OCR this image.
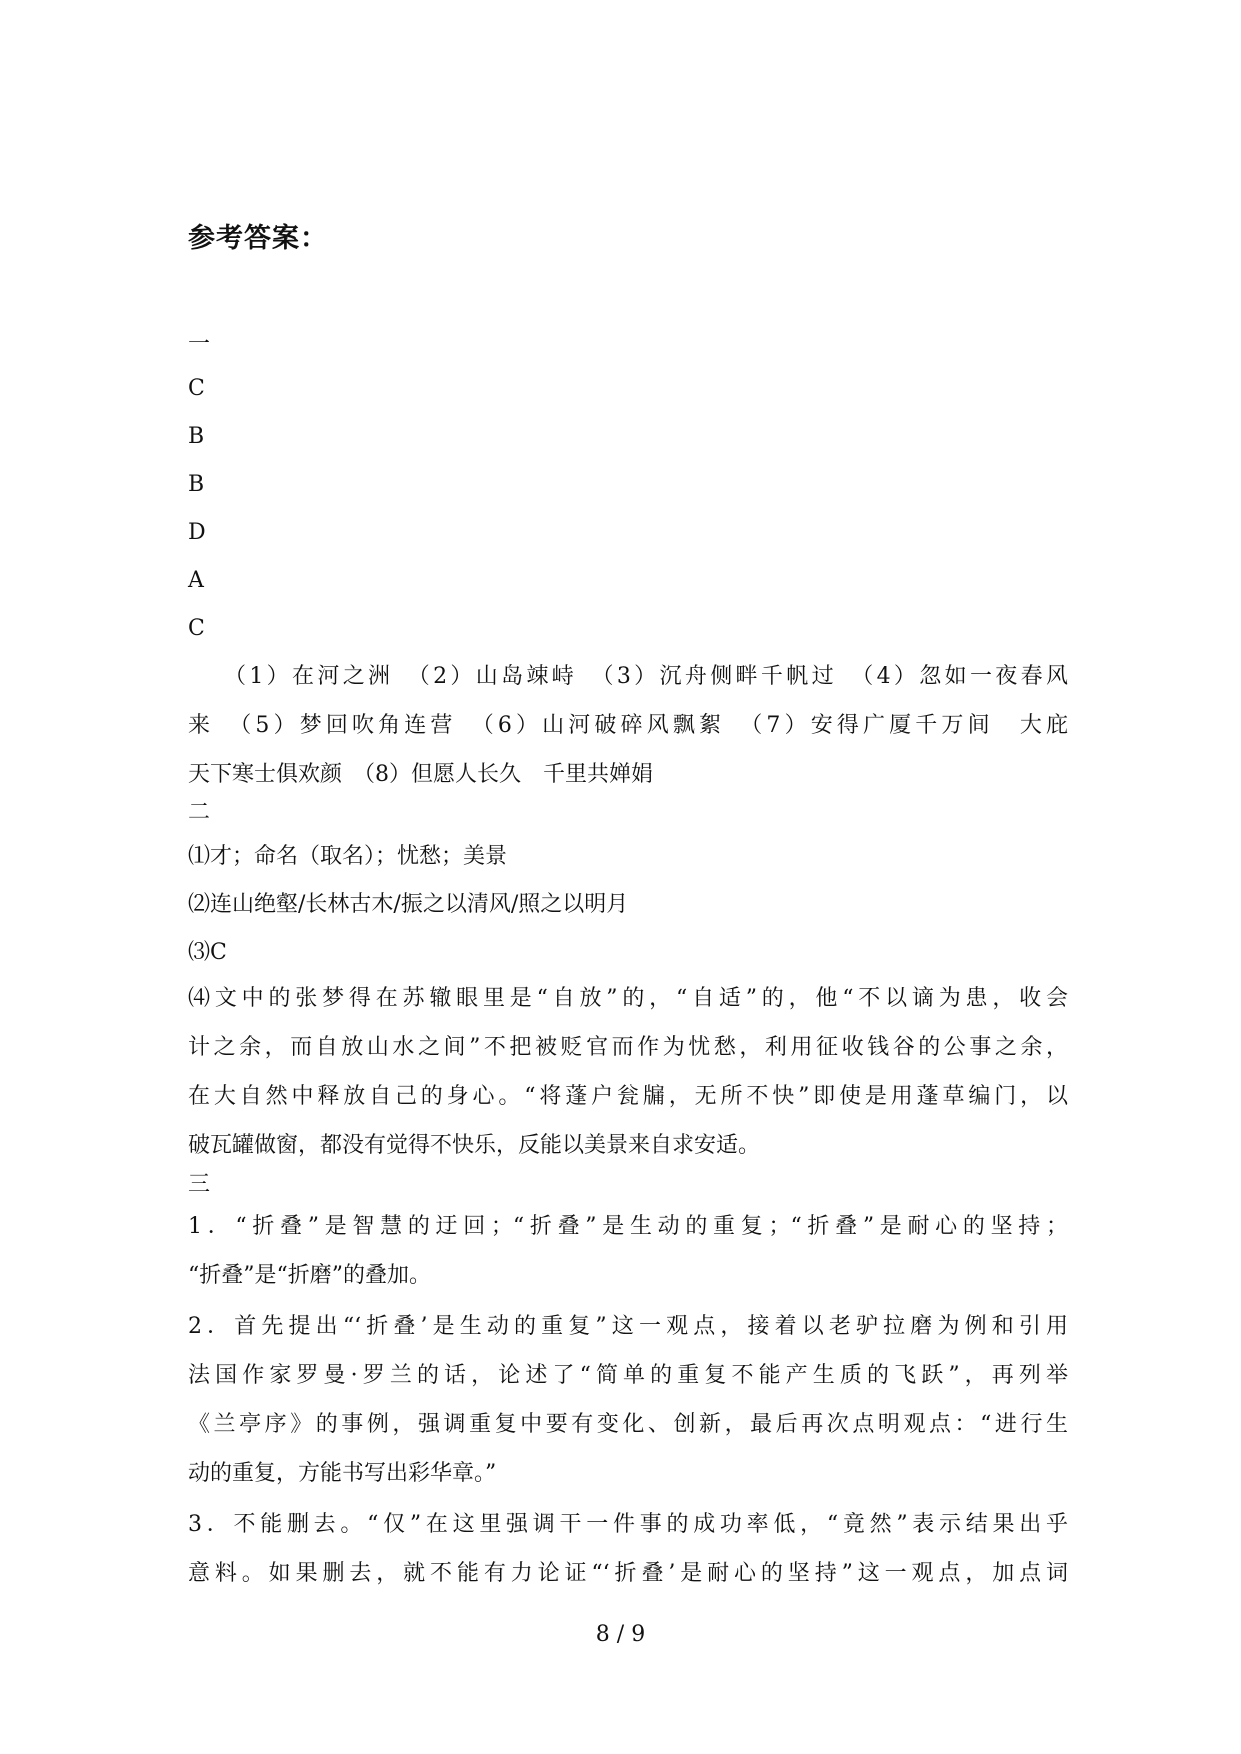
参考答案：
一
C
B
B
D
A
C
（1）在河之洲　（2）山岛竦峙　（3）沉舟侧畔千帆过　（4）忽如一夜春风
来　（5）梦回吹角连营　（6）山河破碎风飘絮　（7）安得广厦千万间　大庇
天下寒士俱欢颜　（8）但愿人长久　千里共婵娟
二
⑴才；命名（取名）；忧愁；美景
⑵连山绝壑/长林古木/振之以清风/照之以明月
⑶C
⑷文中的张梦得在苏辙眼里是“自放”的，“自适”的，他“不以谪为患，收会
计之余，而自放山水之间”不把被贬官而作为忧愁，利用征收钱谷的公事之余，
在大自然中释放自己的身心。“将蓬户瓮牖，无所不快”即使是用蓬草编门，以
破瓦罐做窗，都没有觉得不快乐，反能以美景来自求安适。
三
1．“折叠”是智慧的迂回；“折叠”是生动的重复；“折叠”是耐心的坚持；
“折叠”是“折磨”的叠加。
2．首先提出“‘折叠’是生动的重复”这一观点，接着以老驴拉磨为例和引用
法国作家罗曼·罗兰的话，论述了“简单的重复不能产生质的飞跃”，再列举
《兰亭序》的事例，强调重复中要有变化、创新，最后再次点明观点：“进行生
动的重复，方能书写出彩华章。”
3．不能删去。“仅”在这里强调干一件事的成功率低，“竟然”表示结果出乎
意料。如果删去，就不能有力论证“‘折叠’是耐心的坚持”这一观点，加点词
8 / 9
